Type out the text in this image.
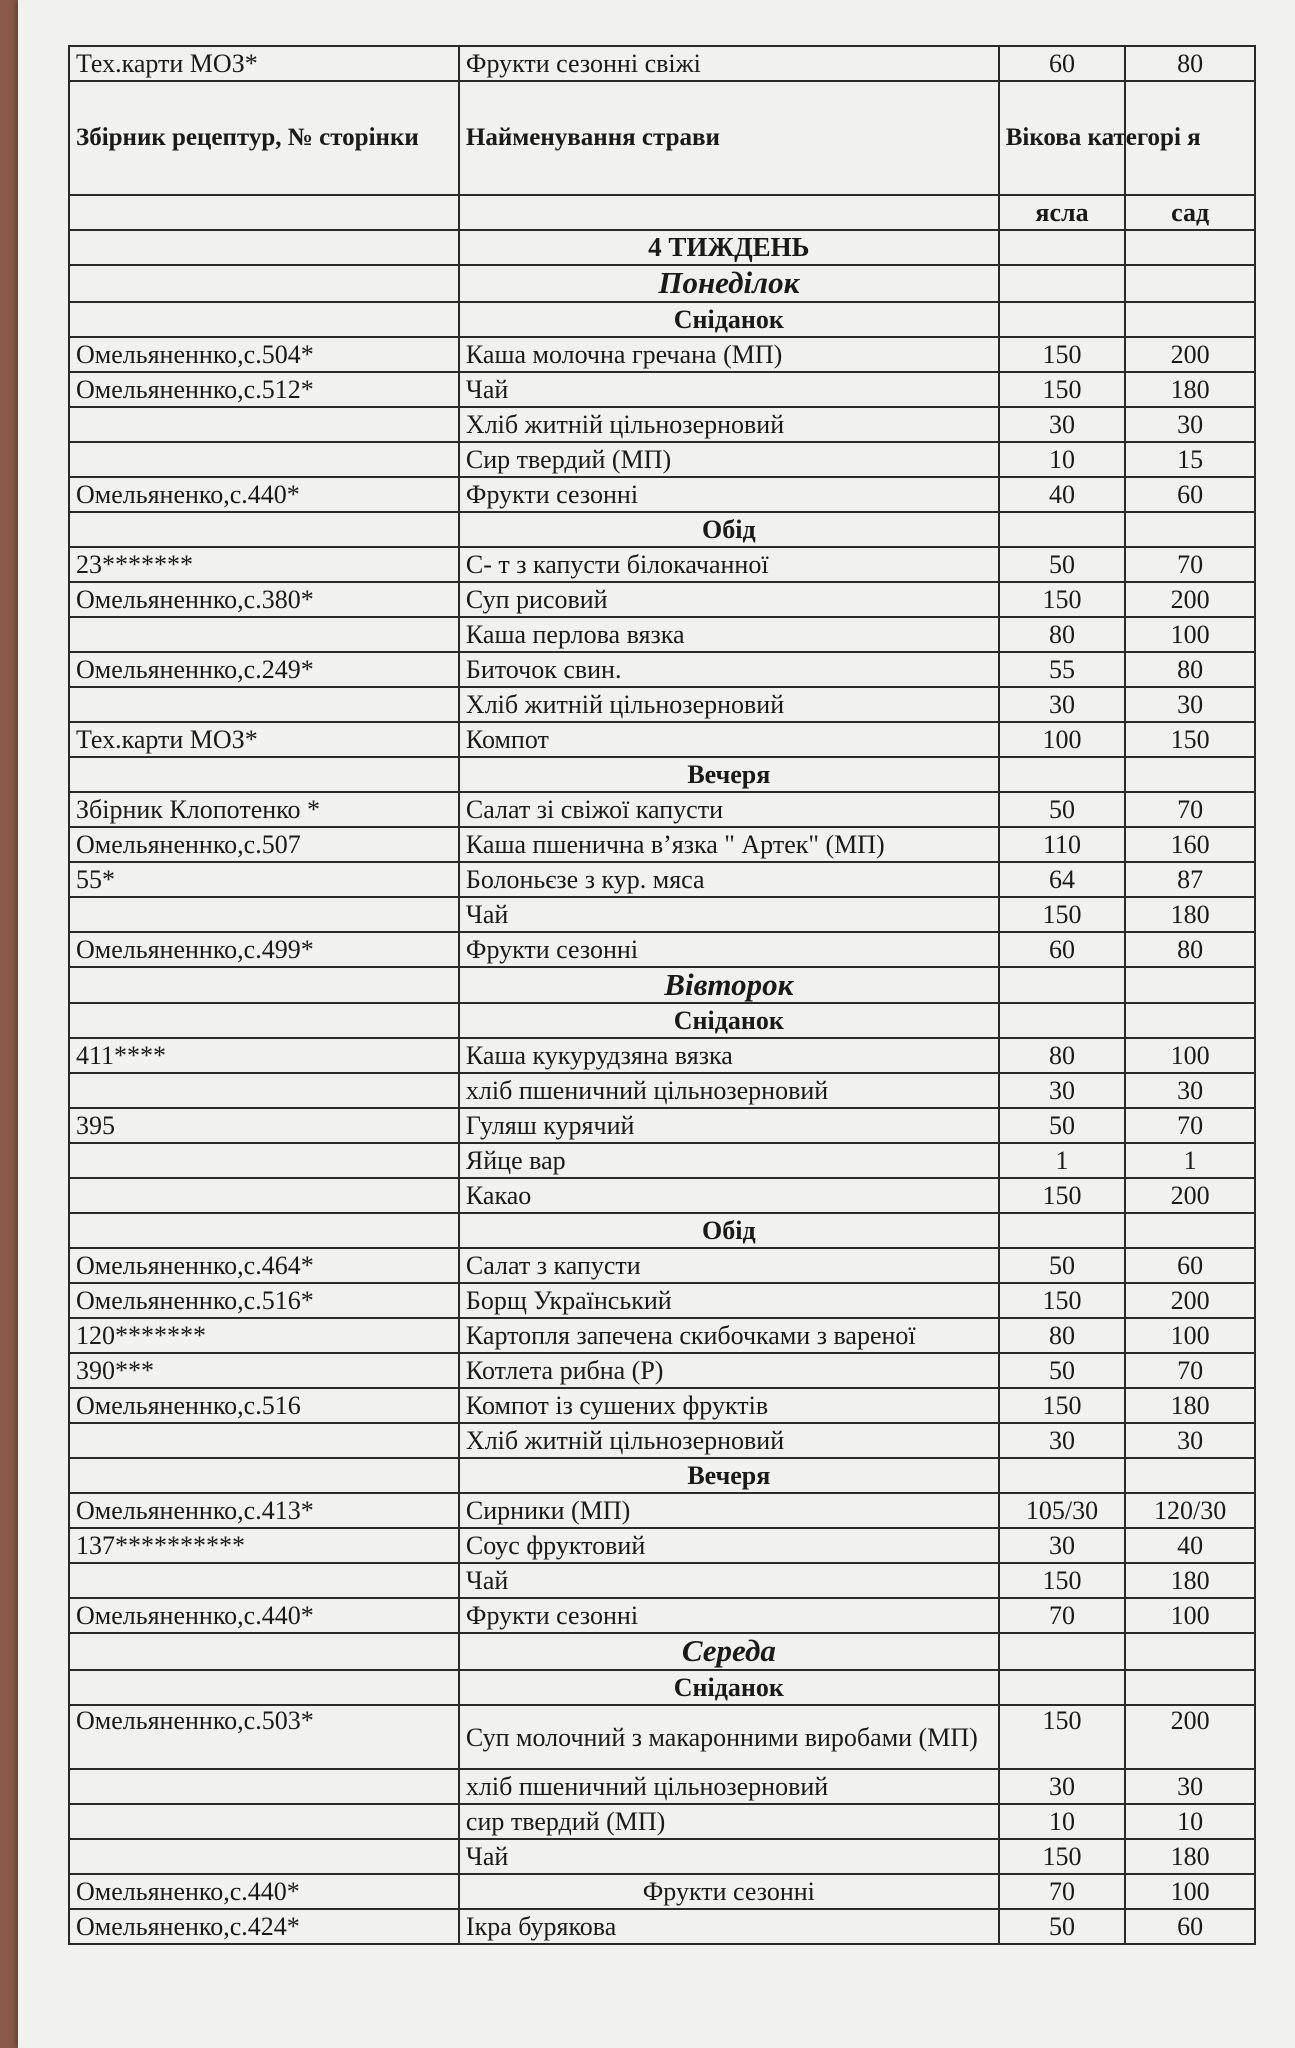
Тех.карти МОЗ*	Фрукти сезонні свіжі	60	80
Збірник рецептур, № сторінки	Найменування страви	Вікова категорі я	
		ясла	сад
	4 ТИЖДЕНЬ		
	Понеділок		
	Сніданок		
Омельяненнко,с.504*	Каша молочна гречана (МП)	150	200
Омельяненнко,с.512*	Чай	150	180
	Хліб житній цільнозерновий	30	30
	Сир твердий (МП)	10	15
Омельяненко,с.440*	Фрукти сезонні	40	60
	Обід		
23*******	С- т з капусти білокачанної	50	70
Омельяненнко,с.380*	Суп рисовий	150	200
	Каша перлова вязка	80	100
Омельяненнко,с.249*	Биточок свин.	55	80
	Хліб житній цільнозерновий	30	30
Тех.карти МОЗ*	Компот	100	150
	Вечеря		
Збірник Клопотенко *	Салат зі свіжої капусти	50	70
Омельяненнко,с.507	Каша пшенична в’язка " Артек" (МП)	110	160
55*	Болоньєзе з кур. мяса	64	87
	Чай	150	180
Омельяненнко,с.499*	Фрукти сезонні	60	80
	Вівторок		
	Сніданок		
411****	Каша кукурудзяна вязка	80	100
	хліб пшеничний цільнозерновий	30	30
395	Гуляш курячий	50	70
	Яйце вар	1	1
	Какао	150	200
	Обід		
Омельяненнко,с.464*	Салат з капусти	50	60
Омельяненнко,с.516*	Борщ Український	150	200
120*******	Картопля запечена скибочками з вареної	80	100
390***	Котлета рибна (Р)	50	70
Омельяненнко,с.516	Компот із сушених фруктів	150	180
	Хліб житній цільнозерновий	30	30
	Вечеря		
Омельяненнко,с.413*	Сирники (МП)	105/30	120/30
137**********	Соус фруктовий	30	40
	Чай	150	180
Омельяненнко,с.440*	Фрукти сезонні	70	100
	Середа		
	Сніданок		
Омельяненнко,с.503*	Суп молочний з макаронними виробами (МП)	150	200
	хліб пшеничний цільнозерновий	30	30
	сир твердий (МП)	10	10
	Чай	150	180
Омельяненко,с.440*	Фрукти сезонні	70	100
Омельяненко,с.424*	Ікра бурякова	50	60
